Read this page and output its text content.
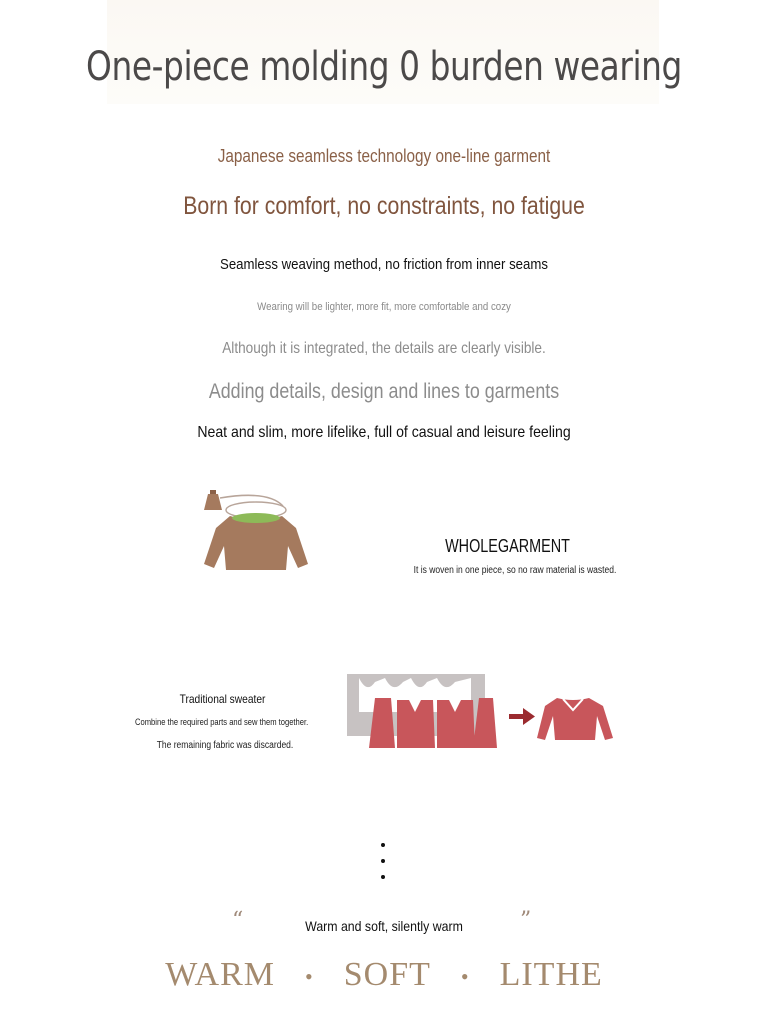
One-piece molding 0 burden wearing
Japanese seamless technology one-line garment
Born for comfort, no constraints, no fatigue
Seamless weaving method, no friction from inner seams
Wearing will be lighter, more fit, more comfortable and cozy
Although it is integrated, the details are clearly visible.
Adding details, design and lines to garments
Neat and slim, more lifelike, full of casual and leisure feeling
WHOLEGARMENT
It is woven in one piece, so no raw material is wasted.
Traditional sweater
Combine the required parts and sew them together.
The remaining fabric was discarded.
“	Warm and soft, silently warm	”
WARM • SOFT • LITHE
